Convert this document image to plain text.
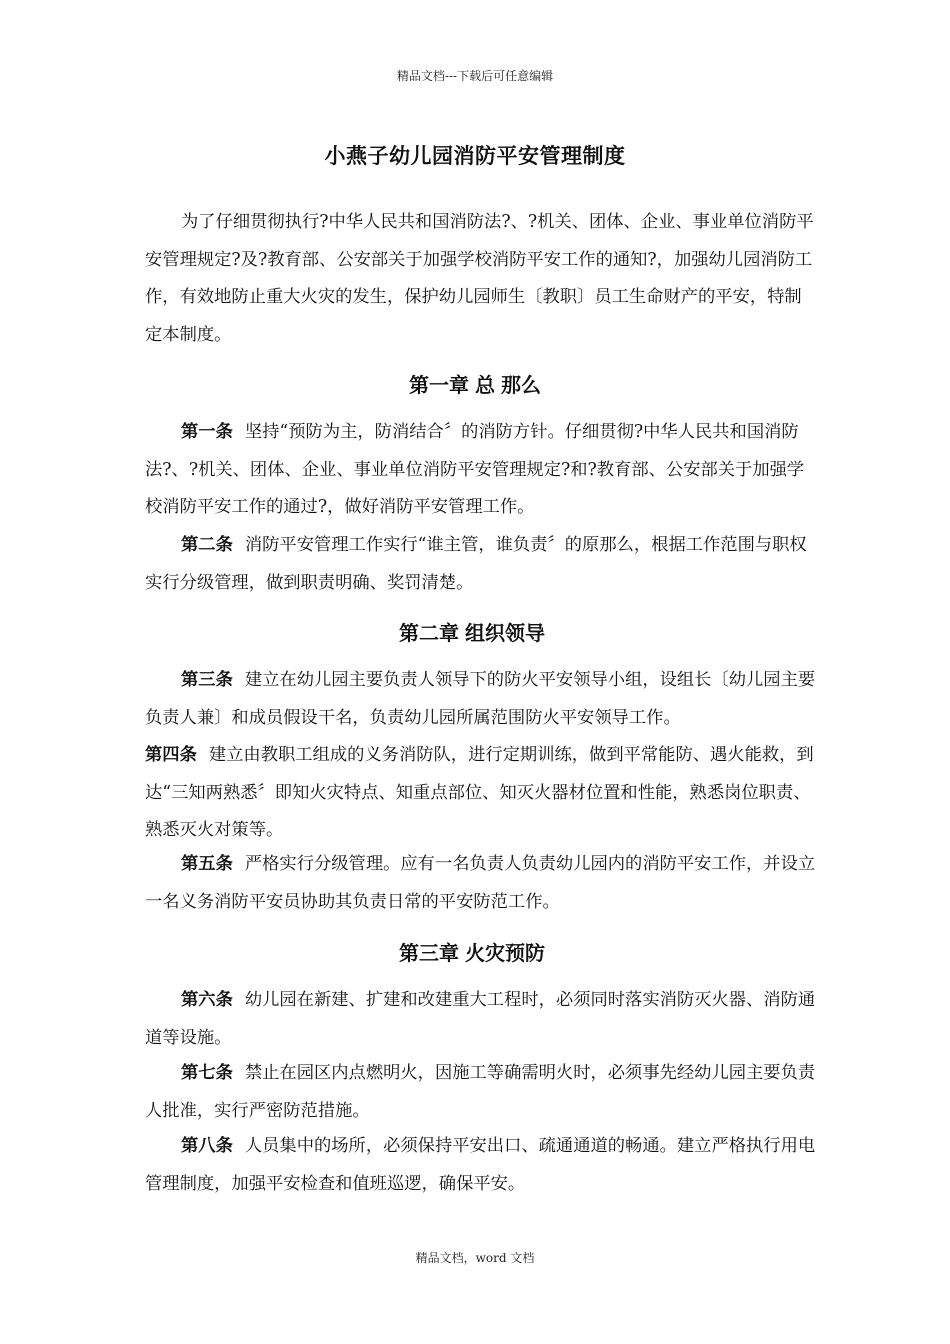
精品文档---下载后可任意编辑
小燕子幼儿园消防平安管理制度
为了仔细贯彻执行?中华人民共和国消防法?、?机关、团体、企业、事业单位消防平安管理规定?及?教育部、公安部关于加强学校消防平安工作的通知?，加强幼儿园消防工作，有效地防止重大火灾的发生，保护幼儿园师生〔教职〕员工生命财产的平安，特制定本制度。
第一章 总 那么
第一条 坚持“预防为主，防消结合〞的消防方针。仔细贯彻?中华人民共和国消防法?、?机关、团体、企业、事业单位消防平安管理规定?和?教育部、公安部关于加强学校消防平安工作的通过?，做好消防平安管理工作。
第二条 消防平安管理工作实行“谁主管，谁负责〞的原那么，根据工作范围与职权实行分级管理，做到职责明确、奖罚清楚。
第二章 组织领导
第三条 建立在幼儿园主要负责人领导下的防火平安领导小组，设组长〔幼儿园主要负责人兼〕和成员假设干名，负责幼儿园所属范围防火平安领导工作。
第四条 建立由教职工组成的义务消防队，进行定期训练，做到平常能防、遇火能救，到达“三知两熟悉〞即知火灾特点、知重点部位、知灭火器材位置和性能，熟悉岗位职责、熟悉灭火对策等。
第五条 严格实行分级管理。应有一名负责人负责幼儿园内的消防平安工作，并设立一名义务消防平安员协助其负责日常的平安防范工作。
第三章 火灾预防
第六条 幼儿园在新建、扩建和改建重大工程时，必须同时落实消防灭火器、消防通道等设施。
第七条 禁止在园区内点燃明火，因施工等确需明火时，必须事先经幼儿园主要负责人批准，实行严密防范措施。
第八条 人员集中的场所，必须保持平安出口、疏通通道的畅通。建立严格执行用电管理制度，加强平安检查和值班巡逻，确保平安。
精品文档，word 文档
